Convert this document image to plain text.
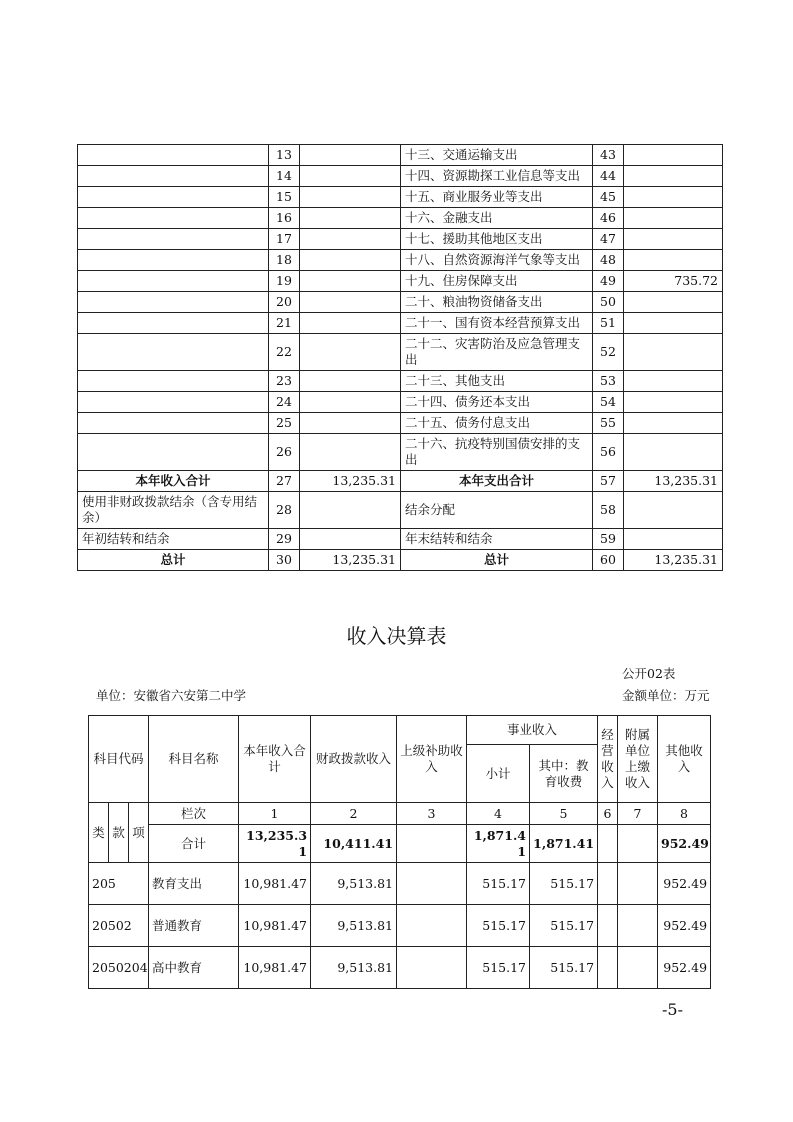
	13		十三、交通运输支出	43	
	14		十四、资源勘探工业信息等支出	44	
	15		十五、商业服务业等支出	45	
	16		十六、金融支出	46	
	17		十七、援助其他地区支出	47	
	18		十八、自然资源海洋气象等支出	48	
	19		十九、住房保障支出	49	735.72
	20		二十、粮油物资储备支出	50	
	21		二十一、国有资本经营预算支出	51	
	22		二十二、灾害防治及应急管理支出	52	
	23		二十三、其他支出	53	
	24		二十四、债务还本支出	54	
	25		二十五、债务付息支出	55	
	26		二十六、抗疫特别国债安排的支出	56	
本年收入合计	27	13,235.31	本年支出合计	57	13,235.31
使用非财政拨款结余（含专用结余）	28		结余分配	58	
年初结转和结余	29		年末结转和结余	59	
总计	30	13,235.31	总计	60	13,235.31
收入决算表
公开02表
单位：安徽省六安第二中学	金额单位：万元
科目代码			科目名称	本年收入合计	财政拨款收入	上级补助收入	事业收入		经营收入	附属单位上缴收入	其他收入
							小计	其中：教育收费			
类	款	项	栏次	1	2	3	4	5	6	7	8
			合计	13,235.31	10,411.41		1,871.41	1,871.41			952.49
205			教育支出	10,981.47	9,513.81		515.17	515.17			952.49
20502			普通教育	10,981.47	9,513.81		515.17	515.17			952.49
2050204			高中教育	10,981.47	9,513.81		515.17	515.17			952.49
-5-
